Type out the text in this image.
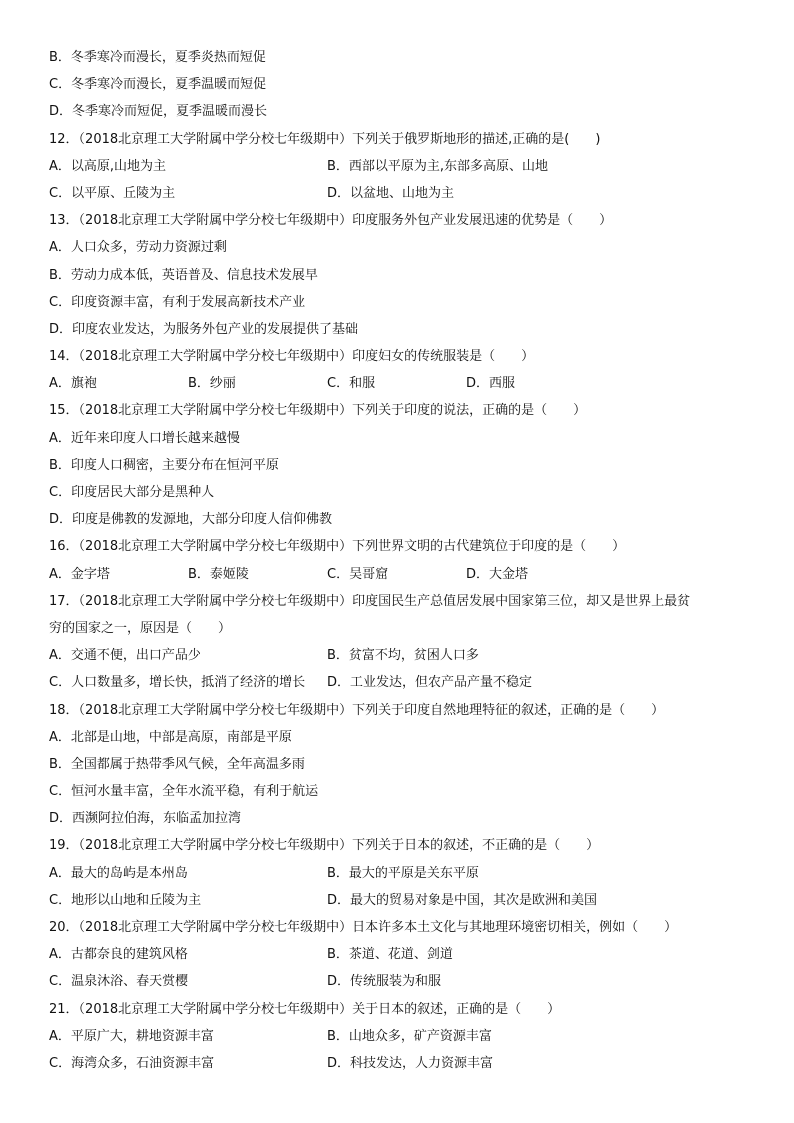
B．冬季寒冷而漫长，夏季炎热而短促
C．冬季寒冷而漫长，夏季温暖而短促
D．冬季寒冷而短促，夏季温暖而漫长
12．（2018北京理工大学附属中学分校七年级期中）下列关于俄罗斯地形的描述,正确的是(　　)
A．以高原,山地为主	B．西部以平原为主,东部多高原、山地
C．以平原、丘陵为主	D．以盆地、山地为主
13．（2018北京理工大学附属中学分校七年级期中）印度服务外包产业发展迅速的优势是（　　）
A．人口众多，劳动力资源过剩
B．劳动力成本低，英语普及、信息技术发展早
C．印度资源丰富，有利于发展高新技术产业
D．印度农业发达，为服务外包产业的发展提供了基础
14．（2018北京理工大学附属中学分校七年级期中）印度妇女的传统服装是（　　）
A．旗袍	B．纱丽	C．和服	D．西服
15．（2018北京理工大学附属中学分校七年级期中）下列关于印度的说法，正确的是（　　）
A．近年来印度人口增长越来越慢
B．印度人口稠密，主要分布在恒河平原
C．印度居民大部分是黑种人
D．印度是佛教的发源地，大部分印度人信仰佛教
16．（2018北京理工大学附属中学分校七年级期中）下列世界文明的古代建筑位于印度的是（　　）
A．金字塔	B．泰姬陵	C．吴哥窟	D．大金塔
17．（2018北京理工大学附属中学分校七年级期中）印度国民生产总值居发展中国家第三位，却又是世界上最贫
穷的国家之一，原因是（　　）
A．交通不便，出口产品少	B．贫富不均，贫困人口多
C．人口数量多，增长快，抵消了经济的增长	D．工业发达，但农产品产量不稳定
18．（2018北京理工大学附属中学分校七年级期中）下列关于印度自然地理特征的叙述，正确的是（　　）
A．北部是山地，中部是高原，南部是平原
B．全国都属于热带季风气候，全年高温多雨
C．恒河水量丰富，全年水流平稳，有利于航运
D．西濒阿拉伯海，东临孟加拉湾
19．（2018北京理工大学附属中学分校七年级期中）下列关于日本的叙述，不正确的是（　　）
A．最大的岛屿是本州岛	B．最大的平原是关东平原
C．地形以山地和丘陵为主	D．最大的贸易对象是中国，其次是欧洲和美国
20．（2018北京理工大学附属中学分校七年级期中）日本许多本土文化与其地理环境密切相关，例如（　　）
A．古都奈良的建筑风格	B．茶道、花道、剑道
C．温泉沐浴、春天赏樱	D．传统服装为和服
21．（2018北京理工大学附属中学分校七年级期中）关于日本的叙述，正确的是（　　）
A．平原广大，耕地资源丰富	B．山地众多，矿产资源丰富
C．海湾众多，石油资源丰富	D．科技发达，人力资源丰富
